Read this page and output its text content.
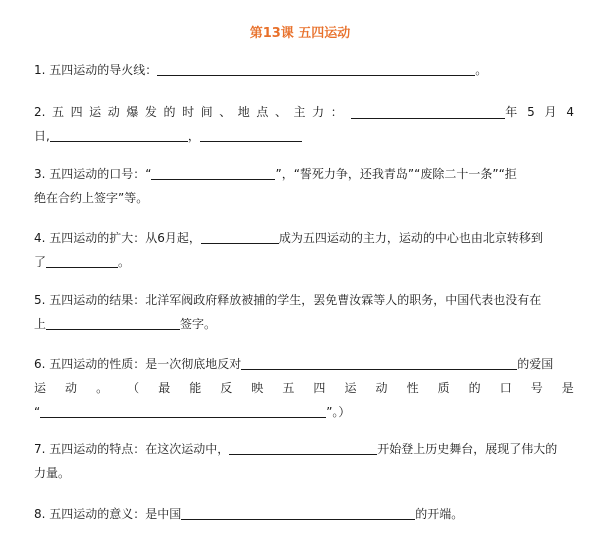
第13课 五四运动
1. 五四运动的导火线：	。
2. 五 四 运 动 爆 发 的 时 间 、 地 点 、 主 力 ：	年 5 月 4
日,	，
3. 五四运动的口号：“	”，“誓死力争，还我青岛”“废除二十一条”“拒
绝在合约上签字”等。
4. 五四运动的扩大：从6月起，	成为五四运动的主力，运动的中心也由北京转移到
了	。
5. 五四运动的结果：北洋军阀政府释放被捕的学生，罢免曹汝霖等人的职务，中国代表也没有在
上	签字。
6. 五四运动的性质：是一次彻底地反对	的爱国
运 动 。 （ 最 能 反 映 五 四 运 动 性 质 的 口 号 是
“	”。）
7. 五四运动的特点：在这次运动中，	开始登上历史舞台，展现了伟大的
力量。
8. 五四运动的意义：是中国	的开端。
